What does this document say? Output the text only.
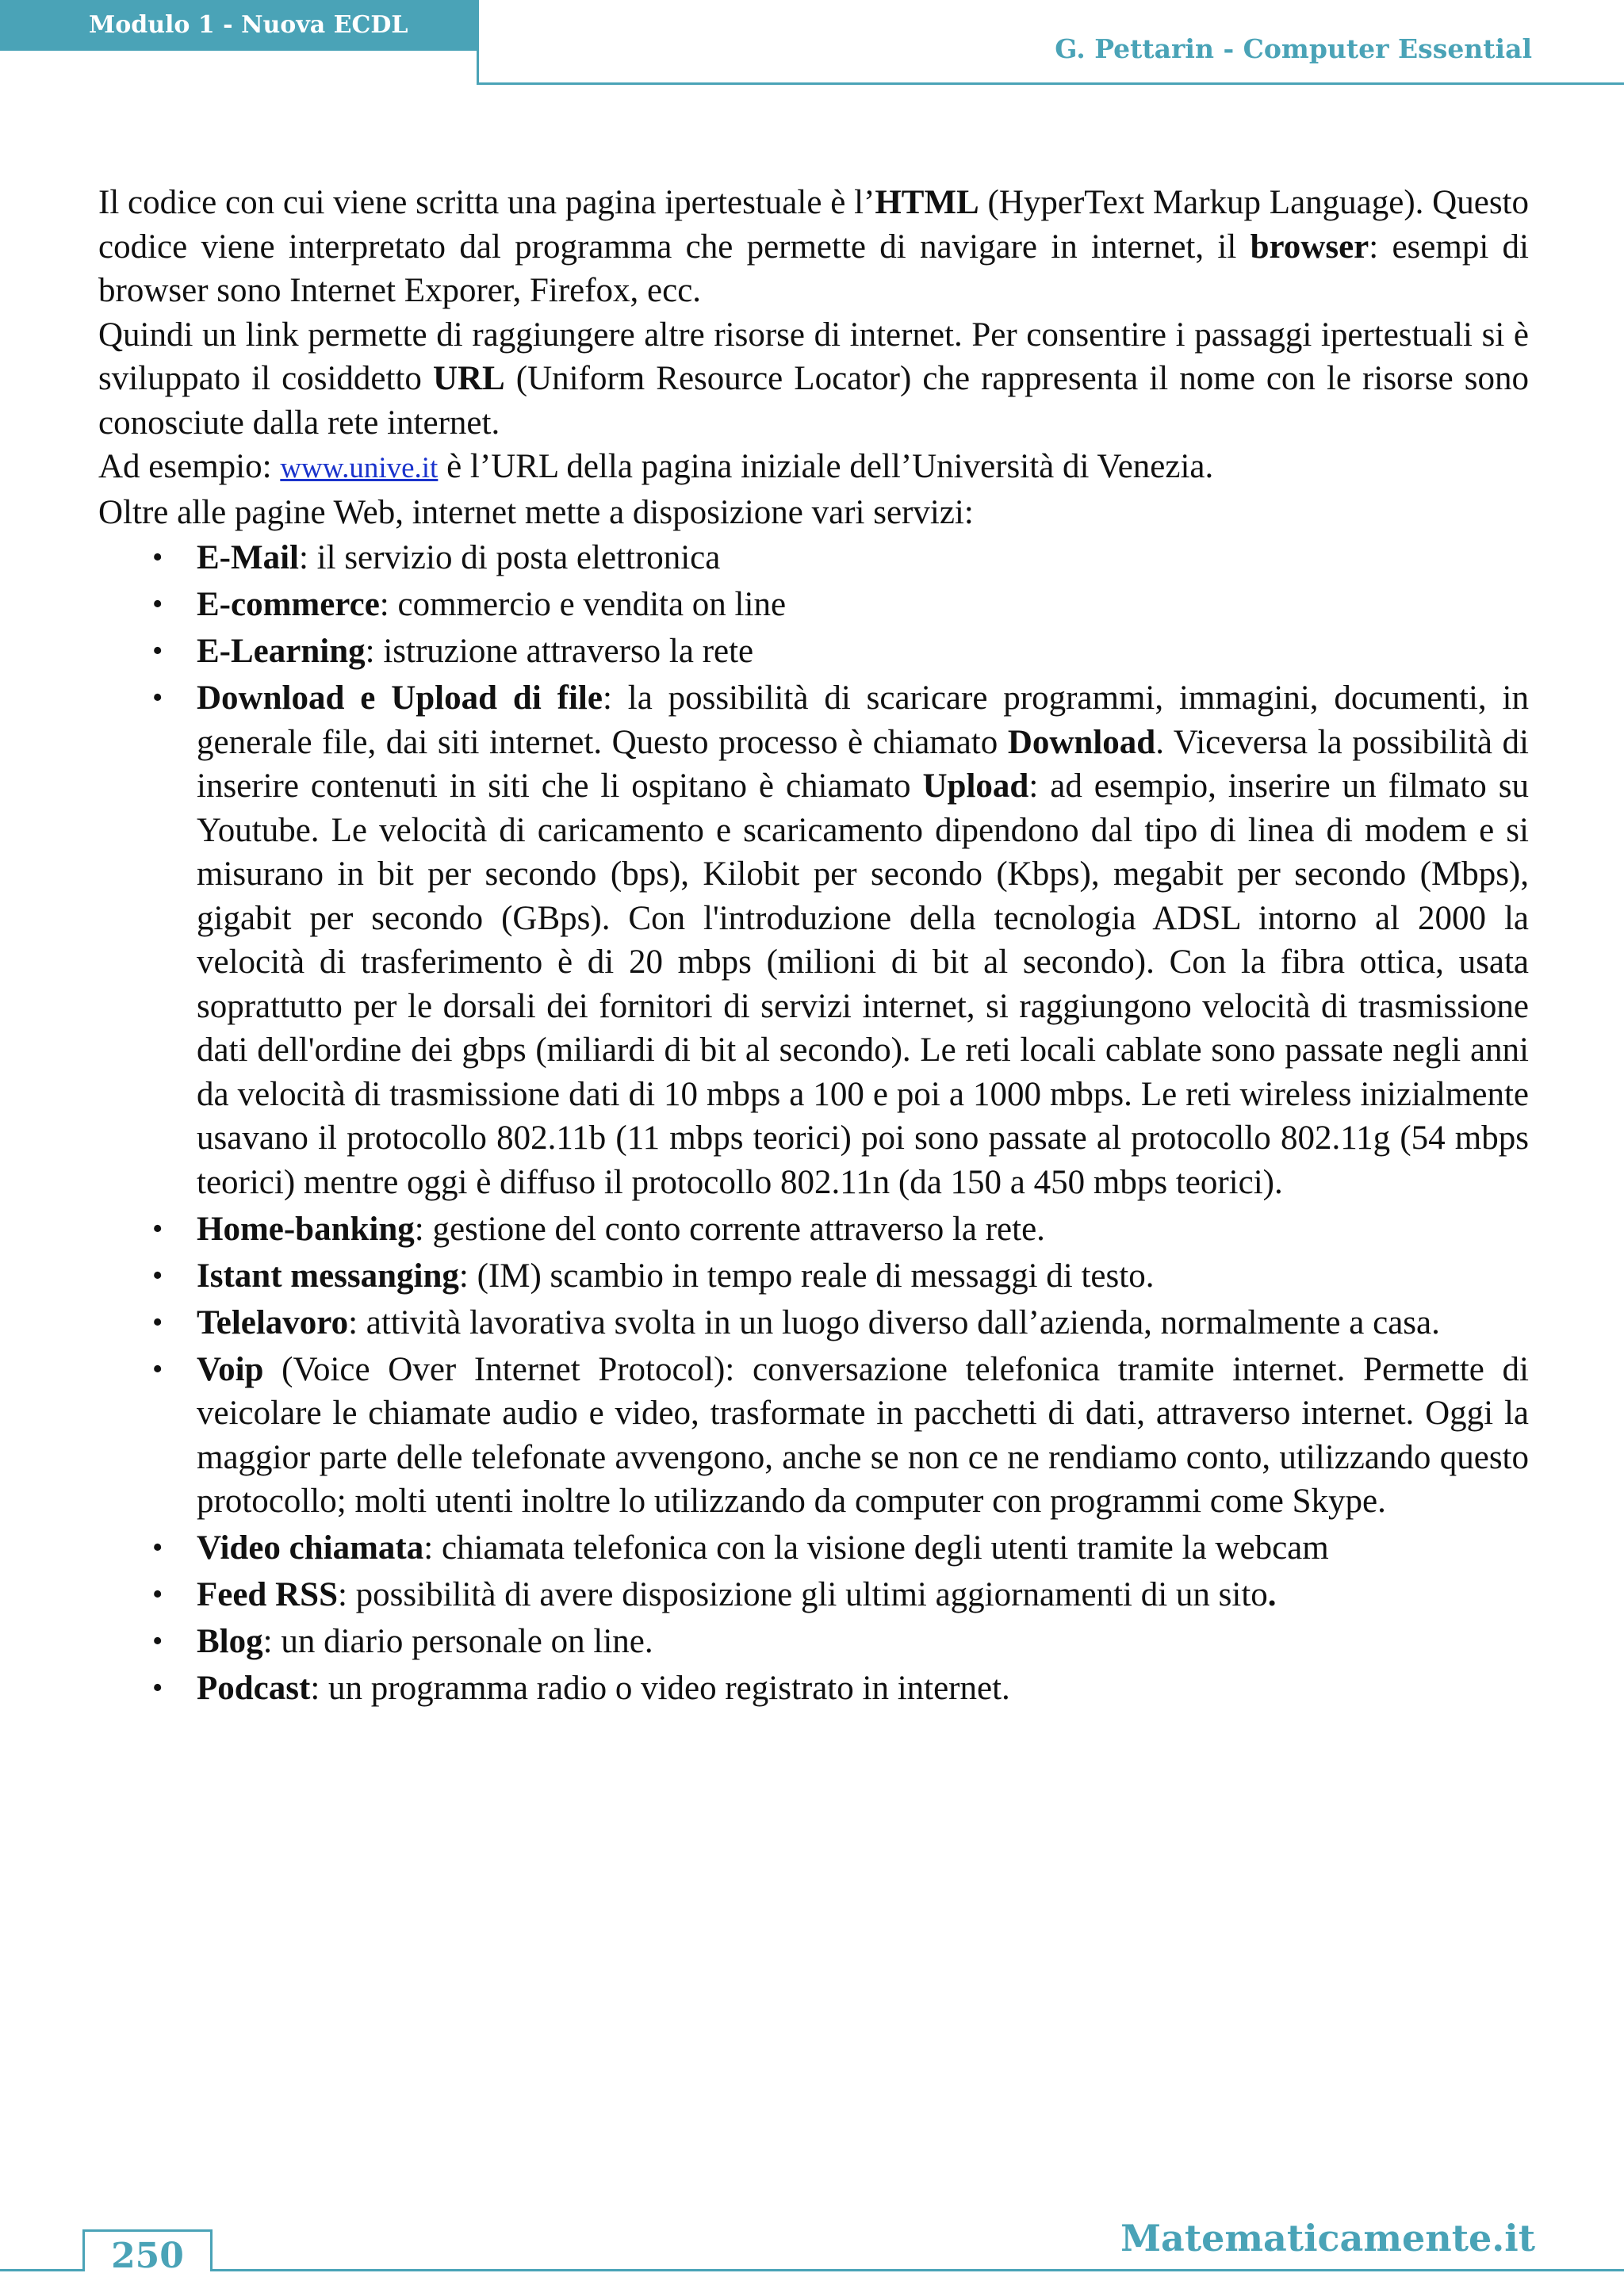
Modulo 1 - Nuova ECDL
G. Pettarin - Computer Essential

Il codice con cui viene scritta una pagina ipertestuale è l’HTML (HyperText Markup Language). Questo codice viene interpretato dal programma che permette di navigare in internet, il browser: esempi di browser sono Internet Exporer, Firefox, ecc.

Quindi un link permette di raggiungere altre risorse di internet. Per consentire i passaggi ipertestuali si è sviluppato il cosiddetto URL (Uniform Resource Locator) che rappresenta il nome con le risorse sono conosciute dalla rete internet.

Ad esempio: www.unive.it è l’URL della pagina iniziale dell’Università di Venezia.

Oltre alle pagine Web, internet mette a disposizione vari servizi:

• E-Mail: il servizio di posta elettronica
• E-commerce: commercio e vendita on line
• E-Learning: istruzione attraverso la rete
• Download e Upload di file: la possibilità di scaricare programmi, immagini, documenti, in generale file, dai siti internet. Questo processo è chiamato Download. Viceversa la possibilità di inserire contenuti in siti che li ospitano è chiamato Upload: ad esempio, inserire un filmato su Youtube. Le velocità di caricamento e scaricamento dipendono dal tipo di linea di modem e si misurano in bit per secondo (bps), Kilobit per secondo (Kbps), megabit per secondo (Mbps), gigabit per secondo (GBps). Con l'introduzione della tecnologia ADSL intorno al 2000 la velocità di trasferimento è di 20 mbps (milioni di bit al secondo). Con la fibra ottica, usata soprattutto per le dorsali dei fornitori di servizi internet, si raggiungono velocità di trasmissione dati dell'ordine dei gbps (miliardi di bit al secondo). Le reti locali cablate sono passate negli anni da velocità di trasmissione dati di 10 mbps a 100 e poi a 1000 mbps. Le reti wireless inizialmente usavano il protocollo 802.11b (11 mbps teorici) poi sono passate al protocollo 802.11g (54 mbps teorici) mentre oggi è diffuso il protocollo 802.11n (da 150 a 450 mbps teorici).
• Home-banking: gestione del conto corrente attraverso la rete.
• Istant messanging: (IM) scambio in tempo reale di messaggi di testo.
• Telelavoro: attività lavorativa svolta in un luogo diverso dall’azienda, normalmente a casa.
• Voip (Voice Over Internet Protocol): conversazione telefonica tramite internet. Permette di veicolare le chiamate audio e video, trasformate in pacchetti di dati, attraverso internet. Oggi la maggior parte delle telefonate avvengono, anche se non ce ne rendiamo conto, utilizzando questo protocollo; molti utenti inoltre lo utilizzando da computer con programmi come Skype.
• Video chiamata: chiamata telefonica con la visione degli utenti tramite la webcam
• Feed RSS: possibilità di avere disposizione gli ultimi aggiornamenti di un sito.
• Blog: un diario personale on line.
• Podcast: un programma radio o video registrato in internet.
250	Matematicamente.it
